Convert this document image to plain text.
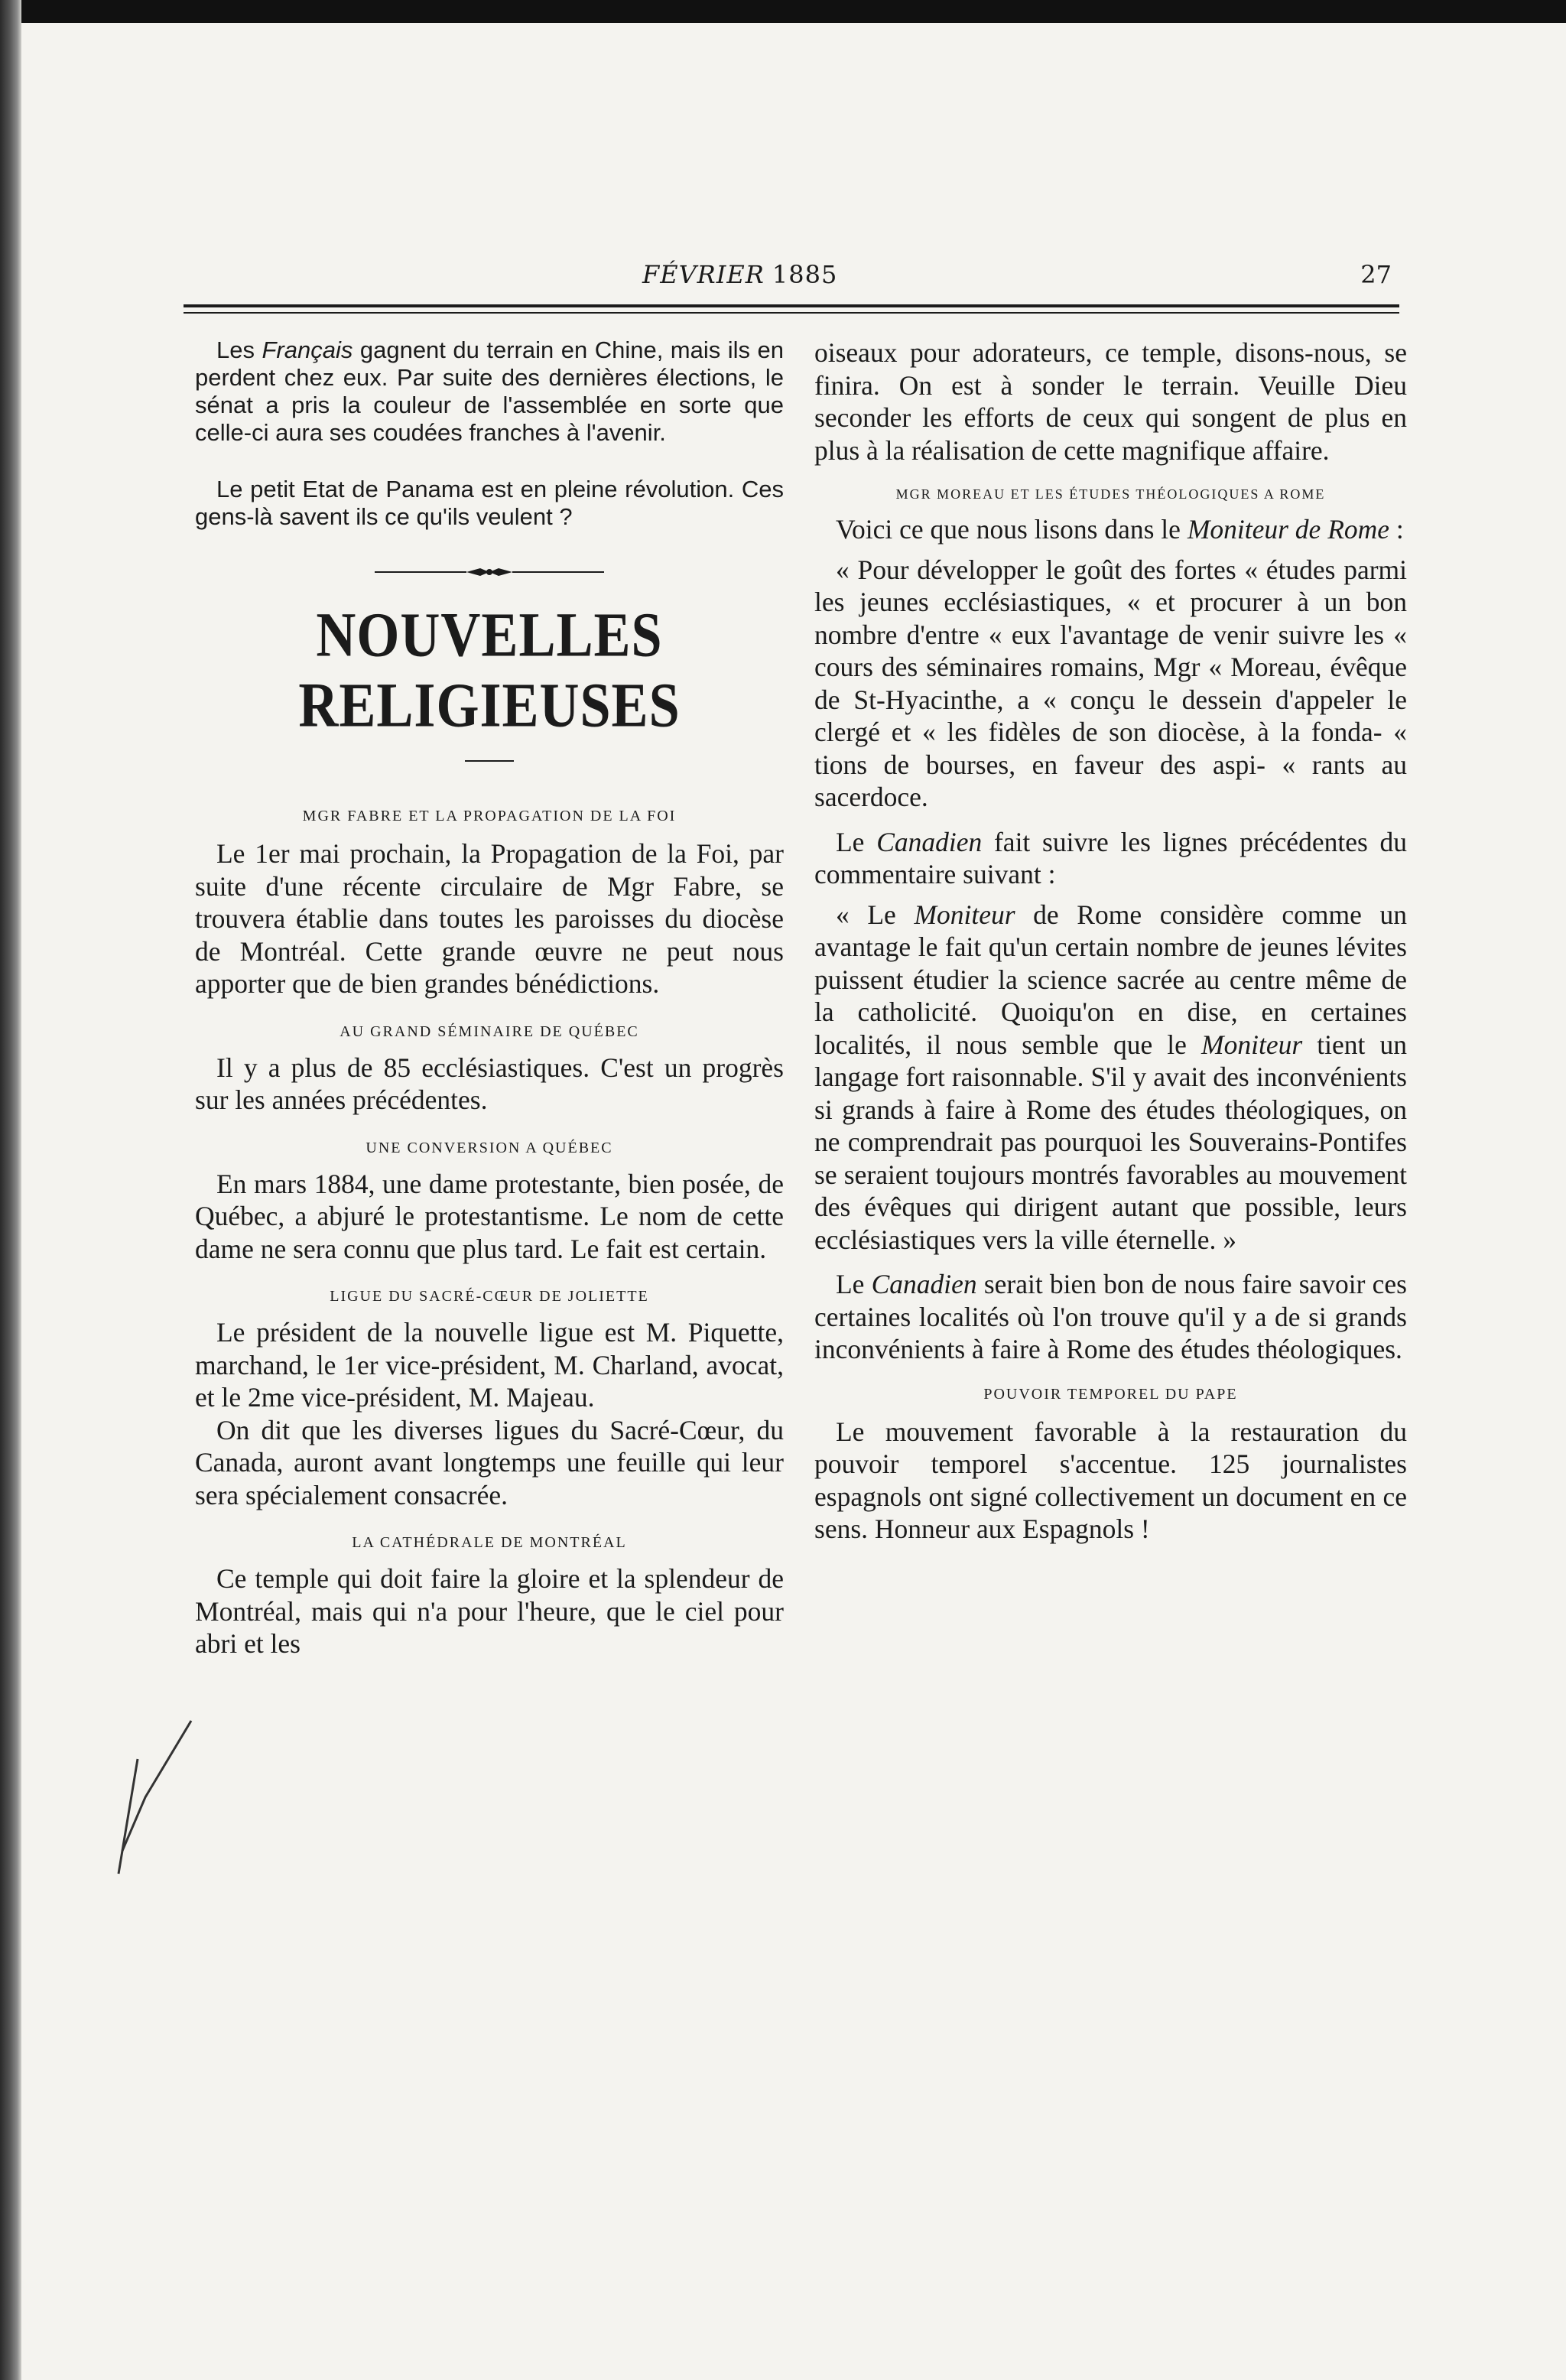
FÉVRIER 1885	27

Les Français gagnent du terrain en Chine, mais ils en perdent chez eux. Par suite des dernières élections, le sénat a pris la couleur de l'assemblée en sorte que celle-ci aura ses coudées franches à l'avenir.

Le petit Etat de Panama est en pleine révolution. Ces gens-là savent ils ce qu'ils veulent ?

NOUVELLES RELIGIEUSES

MGR FABRE ET LA PROPAGATION DE LA FOI

Le 1er mai prochain, la Propagation de la Foi, par suite d'une récente circulaire de Mgr Fabre, se trouvera établie dans toutes les paroisses du diocèse de Montréal. Cette grande œuvre ne peut nous apporter que de bien grandes bénédictions.

AU GRAND SÉMINAIRE DE QUÉBEC

Il y a plus de 85 ecclésiastiques. C'est un progrès sur les années précédentes.

UNE CONVERSION A QUÉBEC

En mars 1884, une dame protestante, bien posée, de Québec, a abjuré le protestantisme. Le nom de cette dame ne sera connu que plus tard. Le fait est certain.

LIGUE DU SACRÉ-CŒUR DE JOLIETTE

Le président de la nouvelle ligue est M. Piquette, marchand, le 1er vice-président, M. Charland, avocat, et le 2me vice-président, M. Majeau.

On dit que les diverses ligues du Sacré-Cœur, du Canada, auront avant longtemps une feuille qui leur sera spécialement consacrée.

LA CATHÉDRALE DE MONTRÉAL

Ce temple qui doit faire la gloire et la splendeur de Montréal, mais qui n'a pour l'heure, que le ciel pour abri et les

oiseaux pour adorateurs, ce temple, disons-nous, se finira. On est à sonder le terrain. Veuille Dieu seconder les efforts de ceux qui songent de plus en plus à la réalisation de cette magnifique affaire.

MGR MOREAU ET LES ÉTUDES THÉOLOGIQUES A ROME

Voici ce que nous lisons dans le Moniteur de Rome :

« Pour développer le goût des fortes « études parmi les jeunes ecclésiastiques, « et procurer à un bon nombre d'entre « eux l'avantage de venir suivre les « cours des séminaires romains, Mgr « Moreau, évêque de St-Hyacinthe, a « conçu le dessein d'appeler le clergé et « les fidèles de son diocèse, à la fonda- « tions de bourses, en faveur des aspi- « rants au sacerdoce.

Le Canadien fait suivre les lignes précédentes du commentaire suivant :

« Le Moniteur de Rome considère comme un avantage le fait qu'un certain nombre de jeunes lévites puissent étudier la science sacrée au centre même de la catholicité. Quoiqu'on en dise, en certaines localités, il nous semble que le Moniteur tient un langage fort raisonnable. S'il y avait des inconvénients si grands à faire à Rome des études théologiques, on ne comprendrait pas pourquoi les Souverains-Pontifes se seraient toujours montrés favorables au mouvement des évêques qui dirigent autant que possible, leurs ecclésiastiques vers la ville éternelle. »

Le Canadien serait bien bon de nous faire savoir ces certaines localités où l'on trouve qu'il y a de si grands inconvénients à faire à Rome des études théologiques.

POUVOIR TEMPOREL DU PAPE

Le mouvement favorable à la restauration du pouvoir temporel s'accentue. 125 journalistes espagnols ont signé collectivement un document en ce sens. Honneur aux Espagnols !
